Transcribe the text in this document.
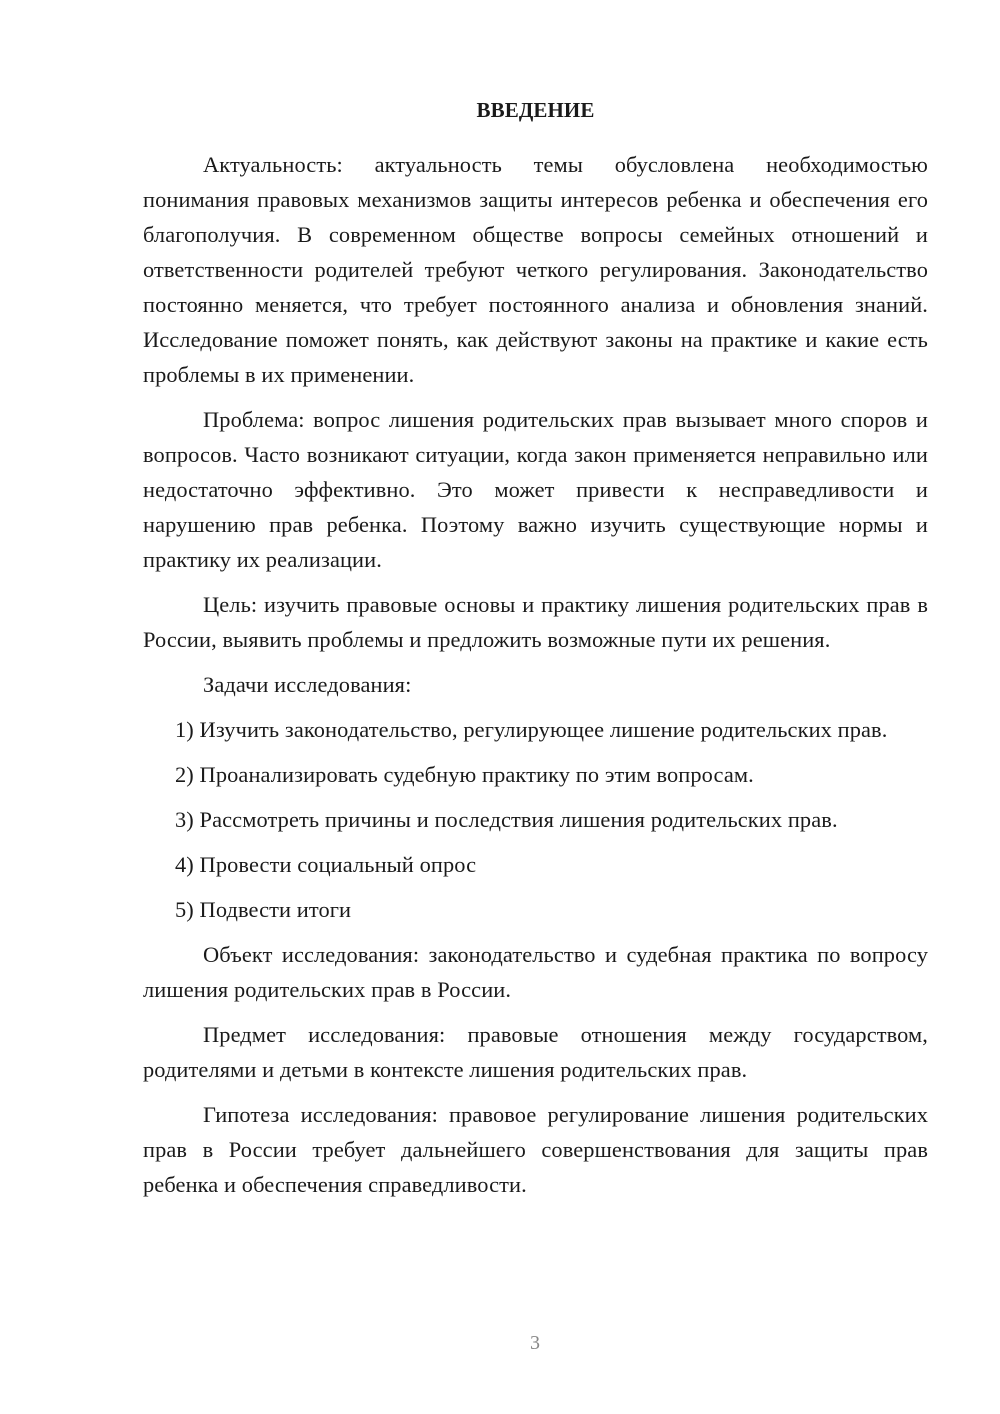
ВВЕДЕНИЕ

Актуальность: актуальность темы обусловлена необходимостью понимания правовых механизмов защиты интересов ребенка и обеспечения его благополучия. В современном обществе вопросы семейных отношений и ответственности родителей требуют четкого регулирования. Законодательство постоянно меняется, что требует постоянного анализа и обновления знаний. Исследование поможет понять, как действуют законы на практике и какие есть проблемы в их применении.

Проблема: вопрос лишения родительских прав вызывает много споров и вопросов. Часто возникают ситуации, когда закон применяется неправильно или недостаточно эффективно. Это может привести к несправедливости и нарушению прав ребенка. Поэтому важно изучить существующие нормы и практику их реализации.

Цель: изучить правовые основы и практику лишения родительских прав в России, выявить проблемы и предложить возможные пути их решения.

Задачи исследования:

1) Изучить законодательство, регулирующее лишение родительских прав.

2) Проанализировать судебную практику по этим вопросам.

3) Рассмотреть причины и последствия лишения родительских прав.

4) Провести социальный опрос

5) Подвести итоги

Объект исследования: законодательство и судебная практика по вопросу лишения родительских прав в России.

Предмет исследования: правовые отношения между государством, родителями и детьми в контексте лишения родительских прав.

Гипотеза исследования: правовое регулирование лишения родительских прав в России требует дальнейшего совершенствования для защиты прав ребенка и обеспечения справедливости.

3
